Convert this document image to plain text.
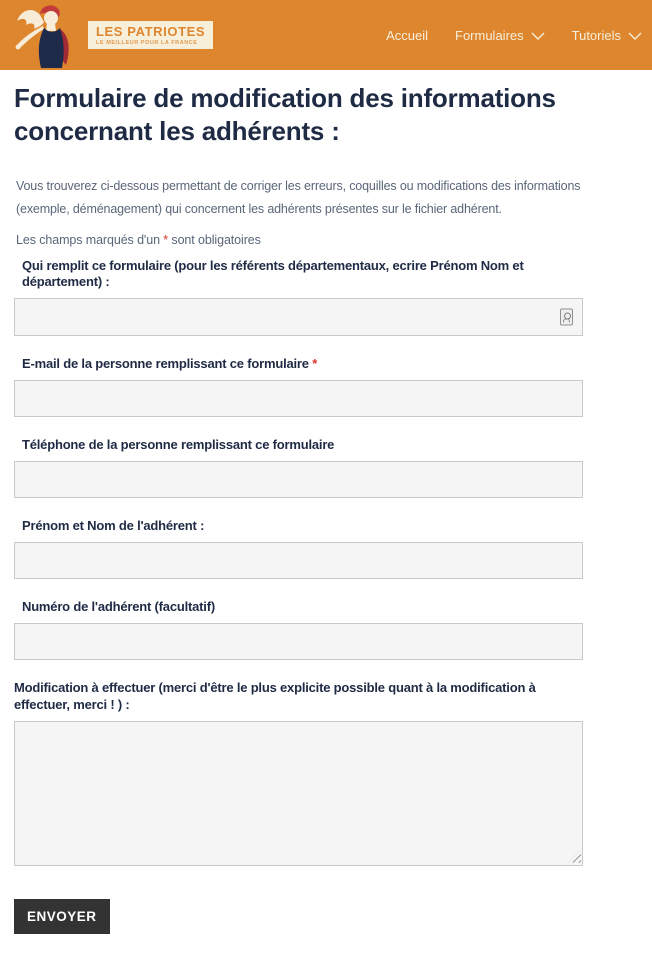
LES PATRIOTES
LE MEILLEUR POUR LA FRANCE
Accueil Formulaires	Tutoriels
Formulaire de modification des informations concernant les adhérents :

Vous trouverez ci-dessous permettant de corriger les erreurs, coquilles ou modifications des informations (exemple, déménagement) qui concernent les adhérents présentes sur le fichier adhérent.

Les champs marqués d'un * sont obligatoires

Qui remplit ce formulaire (pour les référents départementaux, ecrire Prénom Nom et département) :
E-mail de la personne remplissant ce formulaire *
Téléphone de la personne remplissant ce formulaire
Prénom et Nom de l'adhérent :
Numéro de l'adhérent (facultatif)
Modification à effectuer (merci d'être le plus explicite possible quant à la modification à effectuer, merci ! ) :
ENVOYER
